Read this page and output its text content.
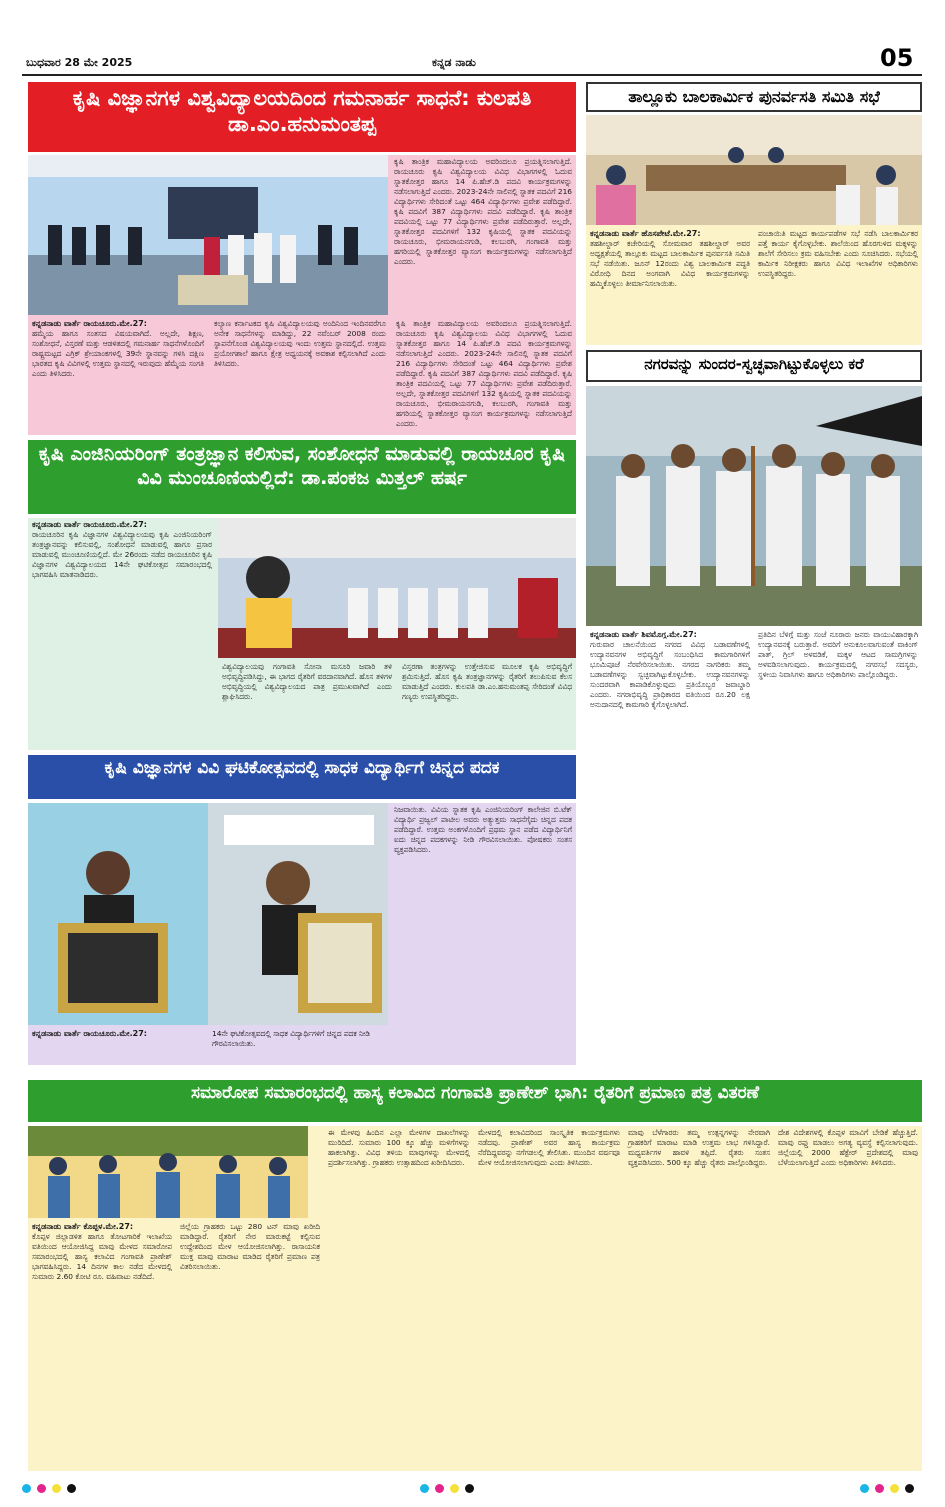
ಬುಧವಾರ 28 ಮೇ 2025	ಕನ್ನಡ ನಾಡು	05
ಕೃಷಿ ವಿಜ್ಞಾನಗಳ ವಿಶ್ವವಿದ್ಯಾಲಯದಿಂದ ಗಮನಾರ್ಹ ಸಾಧನೆ: ಕುಲಪತಿ ಡಾ.ಎಂ.ಹನುಮಂತಪ್ಪ
ಕೃಷಿ ತಾಂತ್ರಿಕ ಮಹಾವಿದ್ಯಾಲಯ ಅವರಿಂದಲೂ ಪ್ರಯತ್ನಿಸಲಾಗುತ್ತಿದೆ. ರಾಯಚೂರು ಕೃಷಿ ವಿಶ್ವವಿದ್ಯಾಲಯ ವಿವಿಧ ವಿಭಾಗಗಳಲ್ಲಿ ಓದುವ ಸ್ನಾತಕೋತ್ತರ ಹಾಗೂ 14 ಪಿ.ಹೆಚ್.ಡಿ ಪದವಿ ಕಾರ್ಯಕ್ರಮಗಳನ್ನು ನಡೆಸಲಾಗುತ್ತಿದೆ ಎಂದರು. 2023-24ನೇ ಸಾಲಿನಲ್ಲಿ ಸ್ನಾತಕ ಪದವಿಗೆ 216 ವಿದ್ಯಾರ್ಥಿಗಳು ಸೇರಿದಂತೆ ಒಟ್ಟು 464 ವಿದ್ಯಾರ್ಥಿಗಳು ಪ್ರವೇಶ ಪಡೆದಿದ್ದಾರೆ. ಕೃಷಿ ಪದವಿಗೆ 387 ವಿದ್ಯಾರ್ಥಿಗಳು ಪದವಿ ಪಡೆದಿದ್ದಾರೆ. ಕೃಷಿ ತಾಂತ್ರಿಕ ಪದವಿಯಲ್ಲಿ ಒಟ್ಟು 77 ವಿದ್ಯಾರ್ಥಿಗಳು ಪ್ರವೇಶ ಪಡೆದಿರುತ್ತಾರೆ. ಅಲ್ಲದೇ, ಸ್ನಾತಕೋತ್ತರ ಪದವಿಗಳಿಗೆ 132 ಕೃಷಿಯಲ್ಲಿ ಸ್ನಾತಕ ಪದವಿಯನ್ನು ರಾಯಚೂರು, ಭೀಮರಾಯನಗುಡಿ, ಕಲಬುರಗಿ, ಗಂಗಾವತಿ ಮತ್ತು ಹಗರಿಯಲ್ಲಿ ಸ್ನಾತಕೋತ್ತರ ವ್ಯಾಸಂಗ ಕಾರ್ಯಕ್ರಮಗಳನ್ನು ನಡೆಸಲಾಗುತ್ತಿದೆ ಎಂದರು.
ಕನ್ನಡನಾಡು ವಾರ್ತೆ ರಾಯಚೂರು.ಮೇ.27:
ಹಮ್ಮೆಯ ಹಾಗೂ ಸಂತಸದ ವಿಷಯವಾಗಿದೆ. ಅಲ್ಲದೇ, ಶಿಕ್ಷಣ, ಸಂಶೋಧನೆ, ವಿಸ್ತರಣೆ ಮತ್ತು ಆಡಳಿತದಲ್ಲಿ ಗಮನಾರ್ಹ ಸಾಧನೆಗಳೊಂದಿಗೆ ರಾಷ್ಟ್ರಮಟ್ಟದ ಎಗ್ರಿಕ್ ಶ್ರೇಯಾಂಕಗಳಲ್ಲಿ 39ನೇ ಸ್ಥಾನವನ್ನು ಗಳಿಸಿ ದಕ್ಷಿಣ ಭಾರತದ ಕೃಷಿ ವಿವಿಗಳಲ್ಲಿ ಉತ್ತಮ ಸ್ಥಾನದಲ್ಲಿ ಇರುವುದು ಹೆಮ್ಮೆಯ ಸಂಗತಿ ಎಂದು ತಿಳಿಸಿದರು.
ಕಲ್ಯಾಣ ಕರ್ನಾಟಕದ ಕೃಷಿ ವಿಶ್ವವಿದ್ಯಾಲಯವು ಅಂದಿನಿಂದ ಇಂದಿನವರೆಗೂ ಅನೇಕ ಸಾಧನೆಗಳನ್ನು ಮಾಡಿದ್ದು, 22 ನವೆಂಬರ್ 2008 ರಂದು ಸ್ಥಾಪನೆಗೊಂಡ ವಿಶ್ವವಿದ್ಯಾಲಯವು ಇಂದು ಉತ್ತಮ ಸ್ಥಾನದಲ್ಲಿದೆ. ಉತ್ತಮ ಪ್ರಯೋಗಶಾಲೆ ಹಾಗೂ ಕ್ಷೇತ್ರ ಅಧ್ಯಯನಕ್ಕೆ ಅವಕಾಶ ಕಲ್ಪಿಸಲಾಗಿದೆ ಎಂದು ತಿಳಿಸಿದರು.
ಕೃಷಿ ತಾಂತ್ರಿಕ ಮಹಾವಿದ್ಯಾಲಯ ಅವರಿಂದಲೂ ಪ್ರಯತ್ನಿಸಲಾಗುತ್ತಿದೆ. ರಾಯಚೂರು ಕೃಷಿ ವಿಶ್ವವಿದ್ಯಾಲಯ ವಿವಿಧ ವಿಭಾಗಗಳಲ್ಲಿ ಓದುವ ಸ್ನಾತಕೋತ್ತರ ಹಾಗೂ 14 ಪಿ.ಹೆಚ್.ಡಿ ಪದವಿ ಕಾರ್ಯಕ್ರಮಗಳನ್ನು ನಡೆಸಲಾಗುತ್ತಿದೆ ಎಂದರು. 2023-24ನೇ ಸಾಲಿನಲ್ಲಿ ಸ್ನಾತಕ ಪದವಿಗೆ 216 ವಿದ್ಯಾರ್ಥಿಗಳು ಸೇರಿದಂತೆ ಒಟ್ಟು 464 ವಿದ್ಯಾರ್ಥಿಗಳು ಪ್ರವೇಶ ಪಡೆದಿದ್ದಾರೆ. ಕೃಷಿ ಪದವಿಗೆ 387 ವಿದ್ಯಾರ್ಥಿಗಳು ಪದವಿ ಪಡೆದಿದ್ದಾರೆ. ಕೃಷಿ ತಾಂತ್ರಿಕ ಪದವಿಯಲ್ಲಿ ಒಟ್ಟು 77 ವಿದ್ಯಾರ್ಥಿಗಳು ಪ್ರವೇಶ ಪಡೆದಿರುತ್ತಾರೆ. ಅಲ್ಲದೇ, ಸ್ನಾತಕೋತ್ತರ ಪದವಿಗಳಿಗೆ 132 ಕೃಷಿಯಲ್ಲಿ ಸ್ನಾತಕ ಪದವಿಯನ್ನು ರಾಯಚೂರು, ಭೀಮರಾಯನಗುಡಿ, ಕಲಬುರಗಿ, ಗಂಗಾವತಿ ಮತ್ತು ಹಗರಿಯಲ್ಲಿ ಸ್ನಾತಕೋತ್ತರ ವ್ಯಾಸಂಗ ಕಾರ್ಯಕ್ರಮಗಳನ್ನು ನಡೆಸಲಾಗುತ್ತಿದೆ ಎಂದರು.
ತಾಲ್ಲೂಕು ಬಾಲಕಾರ್ಮಿಕ ಪುನರ್ವಸತಿ ಸಮಿತಿ ಸಭೆ
ಕನ್ನಡನಾಡು ವಾರ್ತೆ ಹೊಸಪೇಟೆ.ಮೇ.27:
ತಹಶೀಲ್ದಾರ್ ಕಚೇರಿಯಲ್ಲಿ ಸೋಮವಾರ ತಹಶೀಲ್ದಾರ್ ಅವರ ಅಧ್ಯಕ್ಷತೆಯಲ್ಲಿ ತಾಲ್ಲೂಕು ಮಟ್ಟದ ಬಾಲಕಾರ್ಮಿಕ ಪುನರ್ವಸತಿ ಸಮಿತಿ ಸಭೆ ನಡೆಯಿತು. ಜೂನ್ 12ರಂದು ವಿಶ್ವ ಬಾಲಕಾರ್ಮಿಕ ಪದ್ಧತಿ ವಿರೋಧಿ ದಿನದ ಅಂಗವಾಗಿ ವಿವಿಧ ಕಾರ್ಯಕ್ರಮಗಳನ್ನು ಹಮ್ಮಿಕೊಳ್ಳಲು ತೀರ್ಮಾನಿಸಲಾಯಿತು.
ಪಂಚಾಯಿತಿ ಮಟ್ಟದ ಕಾರ್ಯಪಡೆಗಳ ಸಭೆ ನಡೆಸಿ ಬಾಲಕಾರ್ಮಿಕರ ಪತ್ತೆ ಕಾರ್ಯ ಕೈಗೊಳ್ಳಬೇಕು. ಶಾಲೆಯಿಂದ ಹೊರಗುಳಿದ ಮಕ್ಕಳನ್ನು ಶಾಲೆಗೆ ಸೇರಿಸಲು ಕ್ರಮ ವಹಿಸಬೇಕು ಎಂದು ಸೂಚಿಸಿದರು. ಸಭೆಯಲ್ಲಿ ಕಾರ್ಮಿಕ ನಿರೀಕ್ಷಕರು ಹಾಗೂ ವಿವಿಧ ಇಲಾಖೆಗಳ ಅಧಿಕಾರಿಗಳು ಉಪಸ್ಥಿತರಿದ್ದರು.
ನಗರವನ್ನು ಸುಂದರ-ಸ್ವಚ್ಛವಾಗಿಟ್ಟುಕೊಳ್ಳಲು ಕರೆ
ಕನ್ನಡನಾಡು ವಾರ್ತೆ ಶಿವಮೊಗ್ಗ.ಮೇ.27:
ಗುರುವಾರ ಚಾಲನೆಯಿಂದ ನಗರದ ವಿವಿಧ ಬಡಾವಣೆಗಳಲ್ಲಿ ಉದ್ಯಾನವನಗಳ ಅಭಿವೃದ್ಧಿಗೆ ಸಂಬಂಧಿಸಿದ ಕಾಮಗಾರಿಗಳಿಗೆ ಭೂಮಿಪೂಜೆ ನೆರವೇರಿಸಲಾಯಿತು. ನಗರದ ನಾಗರಿಕರು ತಮ್ಮ ಬಡಾವಣೆಗಳನ್ನು ಸ್ವಚ್ಛವಾಗಿಟ್ಟುಕೊಳ್ಳಬೇಕು. ಉದ್ಯಾನವನಗಳನ್ನು ಸುಂದರವಾಗಿ ಕಾಪಾಡಿಕೊಳ್ಳುವುದು ಪ್ರತಿಯೊಬ್ಬರ ಜವಾಬ್ದಾರಿ ಎಂದರು. ನಗರಾಭಿವೃದ್ಧಿ ಪ್ರಾಧಿಕಾರದ ವತಿಯಿಂದ ರೂ.20 ಲಕ್ಷ ಅನುದಾನದಲ್ಲಿ ಕಾಮಗಾರಿ ಕೈಗೊಳ್ಳಲಾಗಿದೆ.
ಪ್ರತಿದಿನ ಬೆಳಿಗ್ಗೆ ಮತ್ತು ಸಂಜೆ ನೂರಾರು ಜನರು ವಾಯುವಿಹಾರಕ್ಕಾಗಿ ಉದ್ಯಾನವನಕ್ಕೆ ಬರುತ್ತಾರೆ. ಅವರಿಗೆ ಅನುಕೂಲವಾಗುವಂತೆ ವಾಕಿಂಗ್ ಪಾತ್, ಗ್ರಿಲ್ ಅಳವಡಿಕೆ, ಮಕ್ಕಳ ಆಟದ ಸಾಮಗ್ರಿಗಳನ್ನು ಅಳವಡಿಸಲಾಗುವುದು. ಕಾರ್ಯಕ್ರಮದಲ್ಲಿ ನಗರಸಭೆ ಸದಸ್ಯರು, ಸ್ಥಳೀಯ ನಿವಾಸಿಗಳು ಹಾಗೂ ಅಧಿಕಾರಿಗಳು ಪಾಲ್ಗೊಂಡಿದ್ದರು.
ಕೃಷಿ ಎಂಜಿನಿಯರಿಂಗ್ ತಂತ್ರಜ್ಞಾನ ಕಲಿಸುವ, ಸಂಶೋಧನೆ ಮಾಡುವಲ್ಲಿ ರಾಯಚೂರ ಕೃಷಿ ವಿವಿ ಮುಂಚೂಣಿಯಲ್ಲಿದೆ: ಡಾ.ಪಂಕಜ ಮಿತ್ತಲ್ ಹರ್ಷ
ಕನ್ನಡನಾಡು ವಾರ್ತೆ ರಾಯಚೂರು.ಮೇ.27:
ರಾಯಚೂರಿನ ಕೃಷಿ ವಿಜ್ಞಾನಗಳ ವಿಶ್ವವಿದ್ಯಾಲಯವು ಕೃಷಿ ಎಂಜಿನಿಯರಿಂಗ್ ತಂತ್ರಜ್ಞಾನವನ್ನು ಕಲಿಸುವಲ್ಲಿ, ಸಂಶೋಧನೆ ಮಾಡುವಲ್ಲಿ ಹಾಗೂ ಪ್ರಸಾರ ಮಾಡುವಲ್ಲಿ ಮುಂಚೂಣಿಯಲ್ಲಿದೆ. ಮೇ 26ರಂದು ನಡೆದ ರಾಯಚೂರಿನ ಕೃಷಿ ವಿಜ್ಞಾನಗಳ ವಿಶ್ವವಿದ್ಯಾಲಯದ 14ನೇ ಘಟಿಕೋತ್ಸವ ಸಮಾರಂಭದಲ್ಲಿ ಭಾಗವಹಿಸಿ ಮಾತನಾಡಿದರು.
ವಿಶ್ವವಿದ್ಯಾಲಯವು ಗಂಗಾವತಿ ಸೋನಾ ಮಸೂರಿ ಜವಾರಿ ತಳಿ ಅಭಿವೃದ್ಧಿಪಡಿಸಿದ್ದು, ಈ ಭಾಗದ ರೈತರಿಗೆ ವರದಾನವಾಗಿದೆ. ಹೊಸ ತಳಿಗಳ ಅಭಿವೃದ್ಧಿಯಲ್ಲಿ ವಿಶ್ವವಿದ್ಯಾಲಯದ ಪಾತ್ರ ಪ್ರಮುಖವಾಗಿದೆ ಎಂದು ಶ್ಲಾಘಿಸಿದರು.
ವಿಸ್ತರಣಾ ತಂತ್ರಗಳನ್ನು ಉತ್ತೇಜಿಸುವ ಮೂಲಕ ಕೃಷಿ ಅಭಿವೃದ್ಧಿಗೆ ಶ್ರಮಿಸುತ್ತಿದೆ. ಹೊಸ ಕೃಷಿ ತಂತ್ರಜ್ಞಾನಗಳನ್ನು ರೈತರಿಗೆ ತಲುಪಿಸುವ ಕೆಲಸ ಮಾಡುತ್ತಿದೆ ಎಂದರು. ಕುಲಪತಿ ಡಾ.ಎಂ.ಹನುಮಂತಪ್ಪ ಸೇರಿದಂತೆ ವಿವಿಧ ಗಣ್ಯರು ಉಪಸ್ಥಿತರಿದ್ದರು.
ಕೃಷಿ ವಿಜ್ಞಾನಗಳ ವಿವಿ ಘಟಿಕೋತ್ಸವದಲ್ಲಿ ಸಾಧಕ ವಿದ್ಯಾರ್ಥಿಗೆ ಚಿನ್ನದ ಪದಕ
ನಿಜವಾಯಿತು. ವಿವಿಯ ಸ್ನಾತಕ ಕೃಷಿ ಎಂಜಿನಿಯರಿಂಗ್ ಕಾಲೇಜಿನ ಬಿ.ಟೆಕ್ ವಿದ್ಯಾರ್ಥಿ ಪ್ರಜ್ವಲ್ ಪಾಟೀಲ ಅವರು ಅತ್ಯುತ್ತಮ ಸಾಧನೆಗೈದು ಚಿನ್ನದ ಪದಕ ಪಡೆದಿದ್ದಾರೆ. ಉತ್ತಮ ಅಂಕಗಳೊಂದಿಗೆ ಪ್ರಥಮ ಸ್ಥಾನ ಪಡೆದ ವಿದ್ಯಾರ್ಥಿನಿಗೆ ಐದು ಚಿನ್ನದ ಪದಕಗಳನ್ನು ನೀಡಿ ಗೌರವಿಸಲಾಯಿತು. ಪೋಷಕರು ಸಂತಸ ವ್ಯಕ್ತಪಡಿಸಿದರು.
ಕನ್ನಡನಾಡು ವಾರ್ತೆ ರಾಯಚೂರು.ಮೇ.27:	14ನೇ ಘಟಿಕೋತ್ಸವದಲ್ಲಿ ಸಾಧಕ ವಿದ್ಯಾರ್ಥಿಗಳಿಗೆ ಚಿನ್ನದ ಪದಕ ನೀಡಿ ಗೌರವಿಸಲಾಯಿತು.
ಸಮಾರೋಪ ಸಮಾರಂಭದಲ್ಲಿ ಹಾಸ್ಯ ಕಲಾವಿದ ಗಂಗಾವತಿ ಪ್ರಾಣೇಶ್ ಭಾಗಿ: ರೈತರಿಗೆ ಪ್ರಮಾಣ ಪತ್ರ ವಿತರಣೆ
ಕನ್ನಡನಾಡು ವಾರ್ತೆ ಕೊಪ್ಪಳ.ಮೇ.27:
ಕೊಪ್ಪಳ ಜಿಲ್ಲಾಡಳಿತ ಹಾಗೂ ತೋಟಗಾರಿಕೆ ಇಲಾಖೆಯ ವತಿಯಿಂದ ಆಯೋಜಿಸಿದ್ದ ಮಾವು ಮೇಳದ ಸಮಾರೋಪ ಸಮಾರಂಭದಲ್ಲಿ ಹಾಸ್ಯ ಕಲಾವಿದ ಗಂಗಾವತಿ ಪ್ರಾಣೇಶ್ ಭಾಗವಹಿಸಿದ್ದರು. 14 ದಿನಗಳ ಕಾಲ ನಡೆದ ಮೇಳದಲ್ಲಿ ಸುಮಾರು 2.60 ಕೋಟಿ ರೂ. ವಹಿವಾಟು ನಡೆದಿದೆ.
ಜಿಲ್ಲೆಯ ಗ್ರಾಹಕರು ಒಟ್ಟು 280 ಟನ್ ಮಾವು ಖರೀದಿ ಮಾಡಿದ್ದಾರೆ. ರೈತರಿಗೆ ನೇರ ಮಾರುಕಟ್ಟೆ ಕಲ್ಪಿಸುವ ಉದ್ದೇಶದಿಂದ ಮೇಳ ಆಯೋಜಿಸಲಾಗಿತ್ತು. ರಾಸಾಯನಿಕ ಮುಕ್ತ ಮಾವು ಮಾರಾಟ ಮಾಡಿದ ರೈತರಿಗೆ ಪ್ರಮಾಣ ಪತ್ರ ವಿತರಿಸಲಾಯಿತು.
ಈ ಮೇಳವು ಹಿಂದಿನ ಎಲ್ಲಾ ಮೇಳಗಳ ದಾಖಲೆಗಳನ್ನು ಮುರಿದಿದೆ. ಸುಮಾರು 100 ಕ್ಕೂ ಹೆಚ್ಚು ಮಳಿಗೆಗಳನ್ನು ಹಾಕಲಾಗಿತ್ತು. ವಿವಿಧ ತಳಿಯ ಮಾವುಗಳನ್ನು ಮೇಳದಲ್ಲಿ ಪ್ರದರ್ಶಿಸಲಾಗಿತ್ತು. ಗ್ರಾಹಕರು ಉತ್ಸಾಹದಿಂದ ಖರೀದಿಸಿದರು.
ಮೇಳದಲ್ಲಿ ಕಲಾವಿದರಿಂದ ಸಾಂಸ್ಕೃತಿಕ ಕಾರ್ಯಕ್ರಮಗಳು ನಡೆದವು. ಪ್ರಾಣೇಶ್ ಅವರ ಹಾಸ್ಯ ಕಾರ್ಯಕ್ರಮ ನೆರೆದಿದ್ದವರನ್ನು ನಗೆಗಡಲಲ್ಲಿ ತೇಲಿಸಿತು. ಮುಂದಿನ ವರ್ಷವೂ ಮೇಳ ಆಯೋಜಿಸಲಾಗುವುದು ಎಂದು ತಿಳಿಸಿದರು.
ಮಾವು ಬೆಳೆಗಾರರು ತಮ್ಮ ಉತ್ಪನ್ನಗಳನ್ನು ನೇರವಾಗಿ ಗ್ರಾಹಕರಿಗೆ ಮಾರಾಟ ಮಾಡಿ ಉತ್ತಮ ಲಾಭ ಗಳಿಸಿದ್ದಾರೆ. ಮಧ್ಯವರ್ತಿಗಳ ಹಾವಳಿ ತಪ್ಪಿದೆ. ರೈತರು ಸಂತಸ ವ್ಯಕ್ತಪಡಿಸಿದರು. 500 ಕ್ಕೂ ಹೆಚ್ಚು ರೈತರು ಪಾಲ್ಗೊಂಡಿದ್ದರು.
ದೇಶ ವಿದೇಶಗಳಲ್ಲಿ ಕೊಪ್ಪಳ ಮಾವಿಗೆ ಬೇಡಿಕೆ ಹೆಚ್ಚುತ್ತಿದೆ. ಮಾವು ರಫ್ತು ಮಾಡಲು ಅಗತ್ಯ ವ್ಯವಸ್ಥೆ ಕಲ್ಪಿಸಲಾಗುವುದು. ಜಿಲ್ಲೆಯಲ್ಲಿ 2000 ಹೆಕ್ಟೇರ್ ಪ್ರದೇಶದಲ್ಲಿ ಮಾವು ಬೆಳೆಯಲಾಗುತ್ತಿದೆ ಎಂದು ಅಧಿಕಾರಿಗಳು ತಿಳಿಸಿದರು.
